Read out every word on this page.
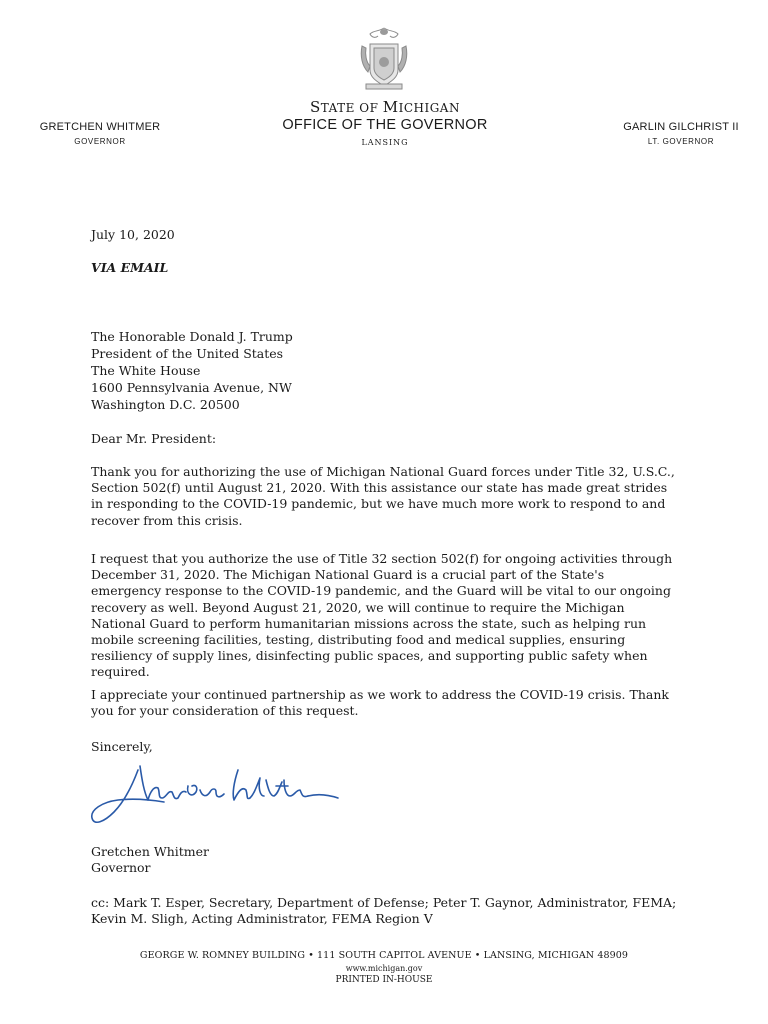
STATE OF MICHIGAN
OFFICE OF THE GOVERNOR
LANSING
GRETCHEN WHITMER
GOVERNOR
GARLIN GILCHRIST II
LT. GOVERNOR
July 10, 2020
VIA EMAIL
The Honorable Donald J. Trump
President of the United States
The White House
1600 Pennsylvania Avenue, NW
Washington D.C. 20500
Dear Mr. President:
Thank you for authorizing the use of Michigan National Guard forces under Title 32, U.S.C., Section 502(f) until August 21, 2020. With this assistance our state has made great strides in responding to the COVID-19 pandemic, but we have much more work to respond to and recover from this crisis.
I request that you authorize the use of Title 32 section 502(f) for ongoing activities through December 31, 2020. The Michigan National Guard is a crucial part of the State's emergency response to the COVID-19 pandemic, and the Guard will be vital to our ongoing recovery as well. Beyond August 21, 2020, we will continue to require the Michigan National Guard to perform humanitarian missions across the state, such as helping run mobile screening facilities, testing, distributing food and medical supplies, ensuring resiliency of supply lines, disinfecting public spaces, and supporting public safety when required.
I appreciate your continued partnership as we work to address the COVID-19 crisis. Thank you for your consideration of this request.
Sincerely,
Gretchen Whitmer
Governor
cc: Mark T. Esper, Secretary, Department of Defense; Peter T. Gaynor, Administrator, FEMA; Kevin M. Sligh, Acting Administrator, FEMA Region V
GEORGE W. ROMNEY BUILDING • 111 SOUTH CAPITOL AVENUE • LANSING, MICHIGAN 48909
www.michigan.gov
PRINTED IN-HOUSE
